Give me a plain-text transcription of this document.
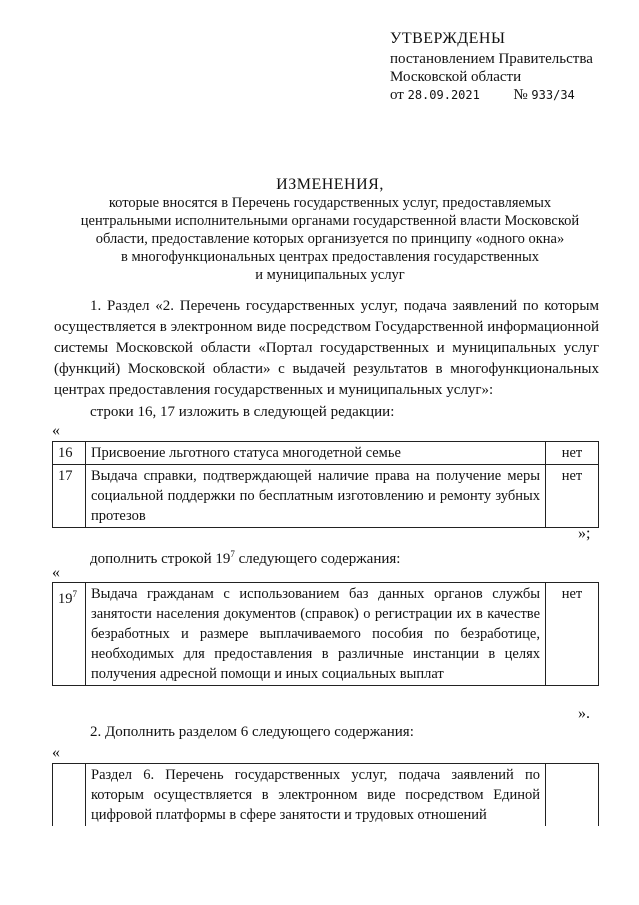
УТВЕРЖДЕНЫ
постановлением Правительства
Московской области
от 28.09.2021 № 933/34
ИЗМЕНЕНИЯ,
которые вносятся в Перечень государственных услуг, предоставляемых
центральными исполнительными органами государственной власти Московской
области, предоставление которых организуется по принципу «одного окна»
в многофункциональных центрах предоставления государственных
и муниципальных услуг
1. Раздел «2. Перечень государственных услуг, подача заявлений по которым осуществляется в электронном виде посредством Государственной информационной системы Московской области «Портал государственных и муниципальных услуг (функций) Московской области» с выдачей результатов в многофункциональных центрах предоставления государственных и муниципальных услуг»:
строки 16, 17 изложить в следующей редакции:
«
16	Присвоение льготного статуса многодетной семье	нет
17	Выдача справки, подтверждающей наличие права на получение меры социальной поддержки по бесплатным изготовлению и ремонту зубных протезов	нет
»;
дополнить строкой $19^7$ следующего содержания:
«
$19^7$	Выдача гражданам с использованием баз данных органов службы занятости населения документов (справок) о регистрации их в качестве безработных и размере выплачиваемого пособия по безработице, необходимых для предоставления в различные инстанции в целях получения адресной помощи и иных социальных выплат	нет
».
2. Дополнить разделом 6 следующего содержания:
«
	Раздел 6. Перечень государственных услуг, подача заявлений по которым осуществляется в электронном виде посредством Единой цифровой платформы в сфере занятости и трудовых отношений	
